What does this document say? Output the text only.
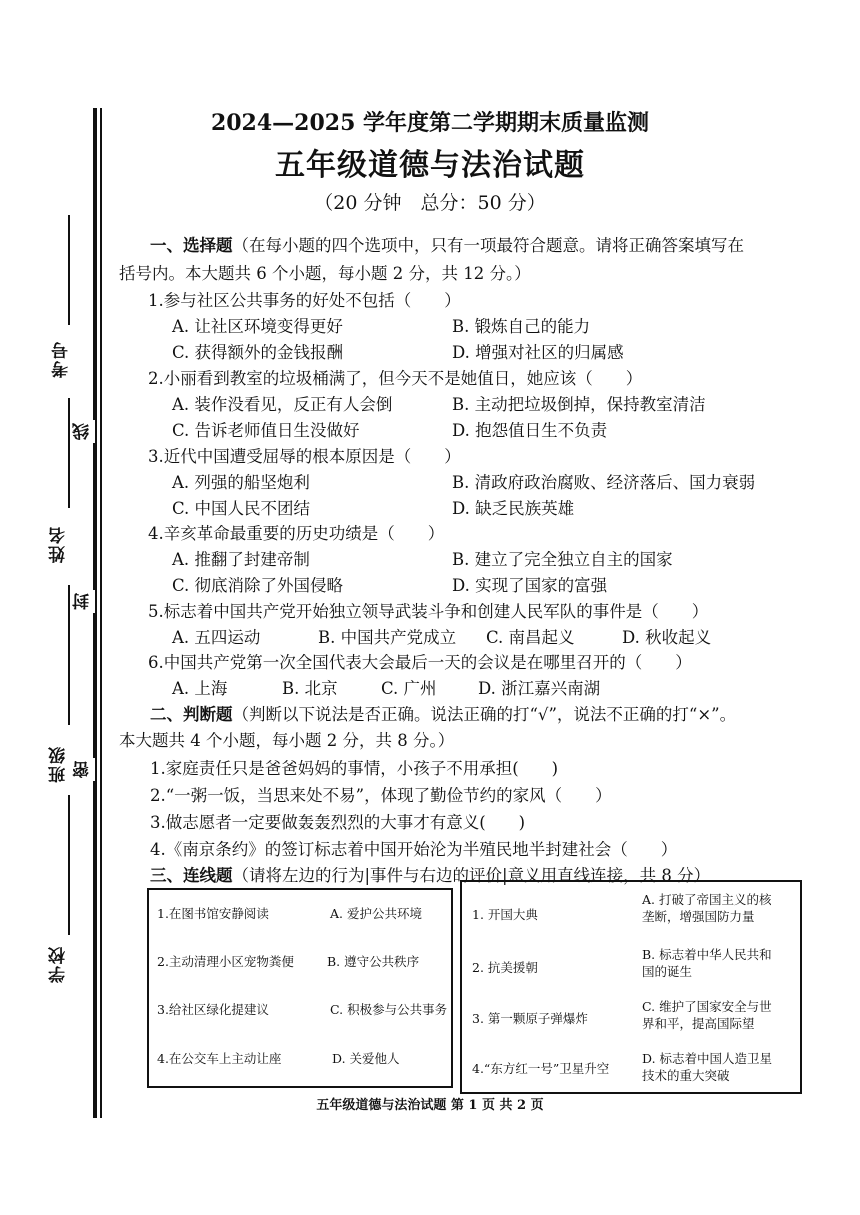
考号
姓名
班级
学校
线
封
密
2024—2025 学年度第二学期期末质量监测
五年级道德与法治试题
（20 分钟　总分：50 分）
一、选择题（在每小题的四个选项中，只有一项最符合题意。请将正确答案填写在
括号内。本大题共 6 个小题，每小题 2 分，共 12 分。）
1.参与社区公共事务的好处不包括（　　）
A. 让社区环境变得更好	B. 锻炼自己的能力
C. 获得额外的金钱报酬	D. 增强对社区的归属感
2.小丽看到教室的垃圾桶满了，但今天不是她值日，她应该（　　）
A. 装作没看见，反正有人会倒	B. 主动把垃圾倒掉，保持教室清洁
C. 告诉老师值日生没做好	D. 抱怨值日生不负责
3.近代中国遭受屈辱的根本原因是（　　）
A. 列强的船坚炮利	B. 清政府政治腐败、经济落后、国力衰弱
C. 中国人民不团结	D. 缺乏民族英雄
4.辛亥革命最重要的历史功绩是（　　）
A. 推翻了封建帝制	B. 建立了完全独立自主的国家
C. 彻底消除了外国侵略	D. 实现了国家的富强
5.标志着中国共产党开始独立领导武装斗争和创建人民军队的事件是（　　）
A. 五四运动	B. 中国共产党成立 C. 南昌起义	D. 秋收起义
6.中国共产党第一次全国代表大会最后一天的会议是在哪里召开的（　　）
A. 上海	B. 北京	C. 广州	D. 浙江嘉兴南湖
二、判断题（判断以下说法是否正确。说法正确的打“√”，说法不正确的打“×”。
本大题共 4 个小题，每小题 2 分，共 8 分。）
1.家庭责任只是爸爸妈妈的事情，小孩子不用承担(　　)
2.“一粥一饭，当思来处不易”，体现了勤俭节约的家风（　　）
3.做志愿者一定要做轰轰烈烈的大事才有意义(　　)
4.《南京条约》的签订标志着中国开始沦为半殖民地半封建社会（　　）
三、连线题（请将左边的行为|事件与右边的评价|意义用直线连接，共 8 分）
1.在图书馆安静阅读
2.主动清理小区宠物粪便
3.给社区绿化提建议
4.在公交车上主动让座
A. 爱护公共环境
B. 遵守公共秩序
C. 积极参与公共事务
D. 关爱他人
1. 开国大典
2. 抗美援朝
3. 第一颗原子弹爆炸
4.“东方红一号”卫星升空
A. 打破了帝国主义的核垄断，增强国防力量
B. 标志着中华人民共和国的诞生
C. 维护了国家安全与世界和平，提高国际望
D. 标志着中国人造卫星技术的重大突破
五年级道德与法治试题 第 1 页 共 2 页
